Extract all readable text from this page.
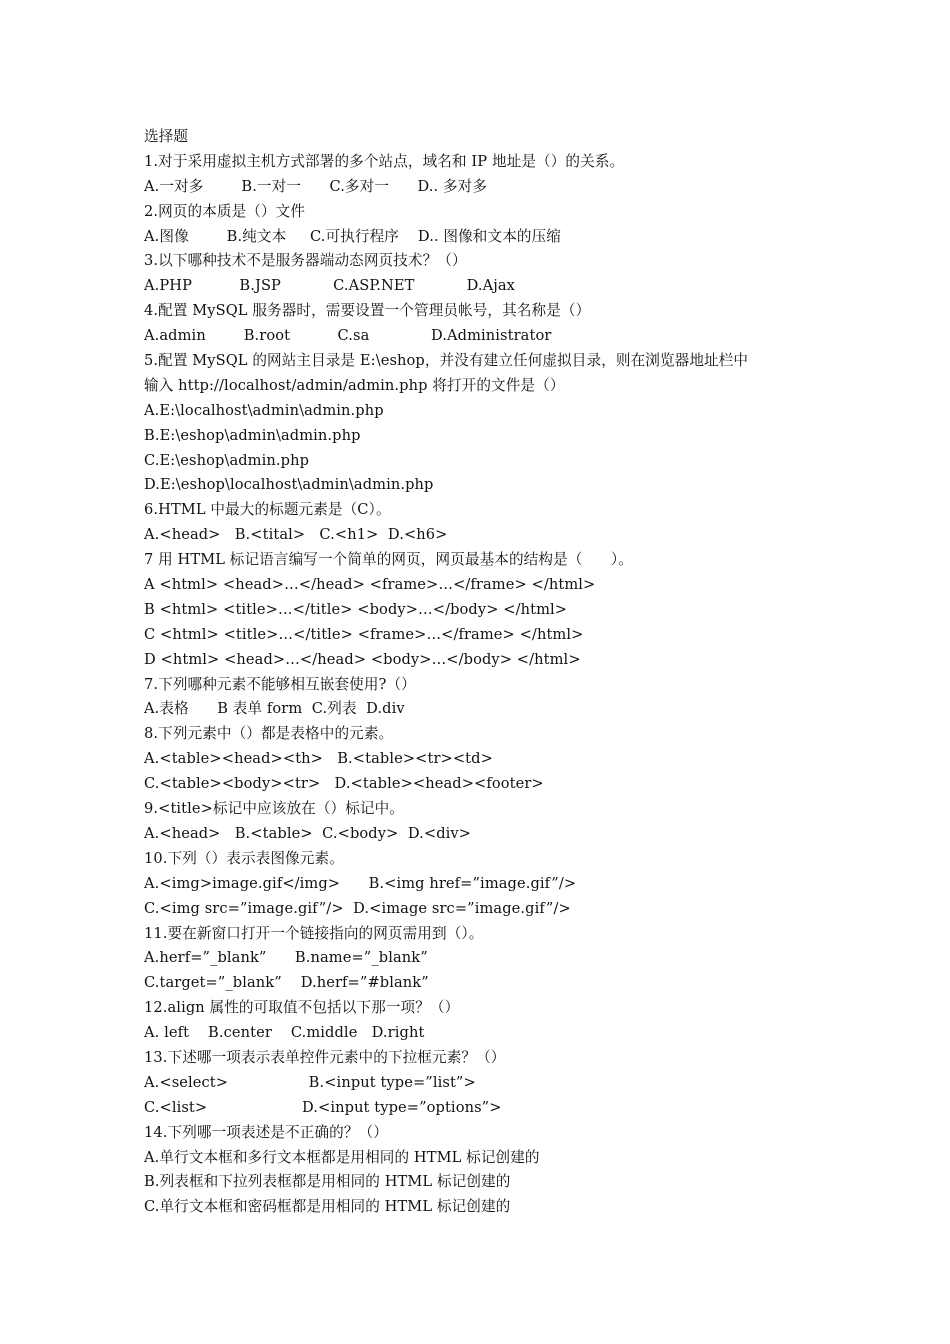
选择题
1.对于采用虚拟主机方式部署的多个站点，域名和 IP 地址是（）的关系。
A.一对多        B.一对一      C.多对一      D.. 多对多
2.网页的本质是（）文件
A.图像        B.纯文本     C.可执行程序    D.. 图像和文本的压缩
3.以下哪种技术不是服务器端动态网页技术？（）
A.PHP          B.JSP           C.ASP.NET           D.Ajax
4.配置 MySQL 服务器时，需要设置一个管理员帐号，其名称是（）
A.admin        B.root          C.sa             D.Administrator
5.配置 MySQL 的网站主目录是 E:\eshop，并没有建立任何虚拟目录，则在浏览器地址栏中
输入 http://localhost/admin/admin.php 将打开的文件是（）
A.E:\localhost\admin\admin.php
B.E:\eshop\admin\admin.php
C.E:\eshop\admin.php
D.E:\eshop\localhost\admin\admin.php
6.HTML 中最大的标题元素是（C）。
A.<head>   B.<tital>   C.<h1>  D.<h6>
7 用 HTML 标记语言编写一个简单的网页，网页最基本的结构是（      ）。
A <html> <head>…</head> <frame>…</frame> </html>
B <html> <title>…</title> <body>…</body> </html>
C <html> <title>…</title> <frame>…</frame> </html>
D <html> <head>…</head> <body>…</body> </html>
7.下列哪种元素不能够相互嵌套使用?（）
A.表格      B 表单 form  C.列表  D.div
8.下列元素中（）都是表格中的元素。
A.<table><head><th>   B.<table><tr><td>
C.<table><body><tr>   D.<table><head><footer>
9.<title>标记中应该放在（）标记中。
A.<head>   B.<table>  C.<body>  D.<div>
10.下列（）表示表图像元素。
A.<img>image.gif</img>      B.<img href=”image.gif”/>
C.<img src=”image.gif”/>  D.<image src=”image.gif”/>
11.要在新窗口打开一个链接指向的网页需用到（）。
A.herf=”_blank”      B.name=”_blank”
C.target=”_blank”    D.herf=”#blank”
12.align 属性的可取值不包括以下那一项？（）
A. left    B.center    C.middle   D.right
13.下述哪一项表示表单控件元素中的下拉框元素？（）
A.<select>                 B.<input type=”list”>
C.<list>                    D.<input type=”options”>
14.下列哪一项表述是不正确的？（）
A.单行文本框和多行文本框都是用相同的 HTML 标记创建的
B.列表框和下拉列表框都是用相同的 HTML 标记创建的
C.单行文本框和密码框都是用相同的 HTML 标记创建的
